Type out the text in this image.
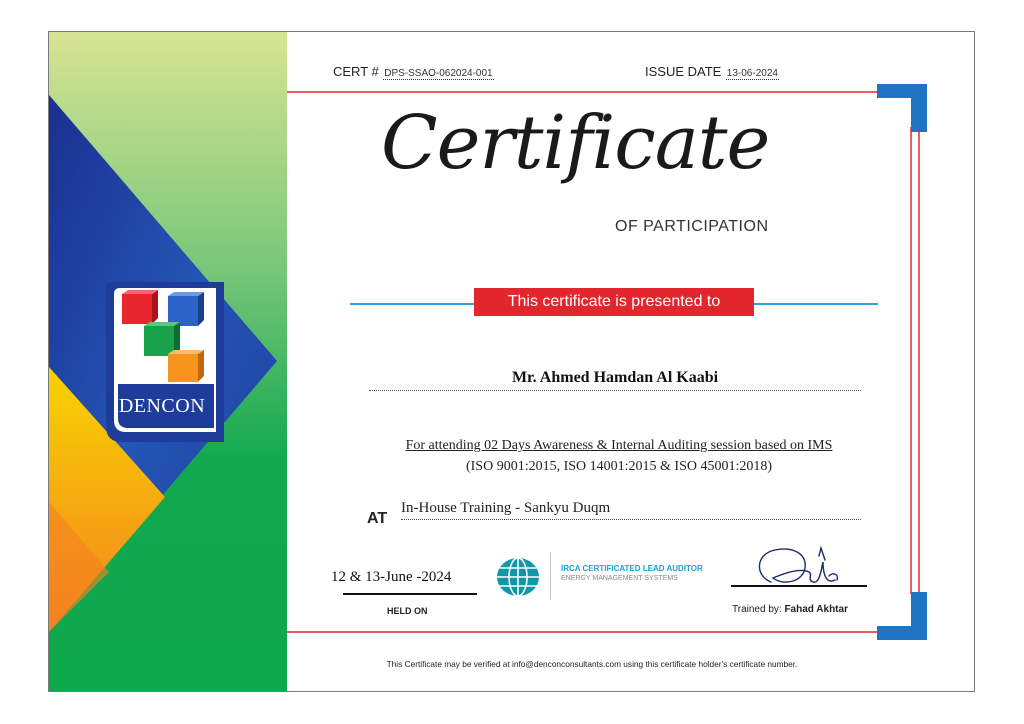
DENCON
CERT # DPS-SSAO-062024-001	ISSUE DATE 13-06-2024
Certificate
OF PARTICIPATION
This certificate is presented to
Mr. Ahmed Hamdan Al Kaabi
For attending 02 Days Awareness & Internal Auditing session based on IMS
(ISO 9001:2015, ISO 14001:2015 & ISO 45001:2018)
AT
In-House Training - Sankyu Duqm
12 & 13-June -2024
HELD ON
IRCA CERTIFICATED LEAD AUDITOR
ENERGY MANAGEMENT SYSTEMS
Trained by: Fahad Akhtar
This Certificate may be verified at info@denconconsultants.com using this certificate holder's certificate number.
